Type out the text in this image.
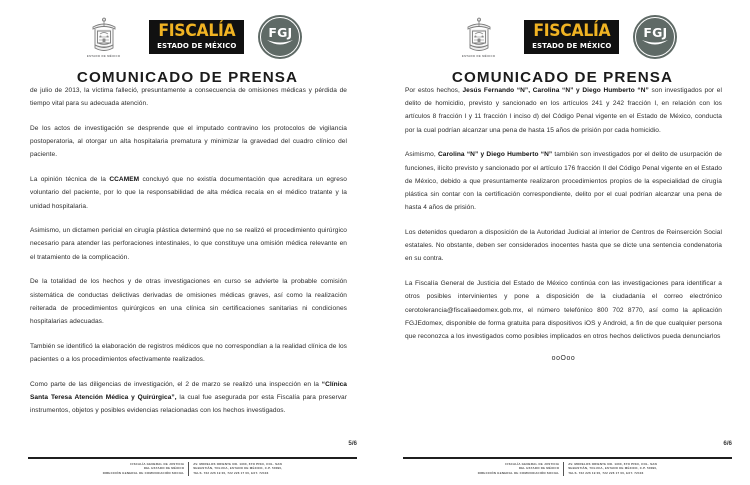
ESTADO DE MÉXICO
FISCALÍA
ESTADO DE MÉXICO
FGJ
COMUNICADO DE PRENSA
de julio de 2013, la víctima falleció, presuntamente a consecuencia de omisiones médicas y pérdida de tiempo vital para su adecuada atención.
De los actos de investigación se desprende que el imputado contravino los protocolos de vigilancia postoperatoria, al otorgar un alta hospitalaria prematura y minimizar la gravedad del cuadro clínico del paciente.
La opinión técnica de la CCAMEM concluyó que no existía documentación que acreditara un egreso voluntario del paciente, por lo que la responsabilidad de alta médica recaía en el médico tratante y la unidad hospitalaria.
Asimismo, un dictamen pericial en cirugía plástica determinó que no se realizó el procedimiento quirúrgico necesario para atender las perforaciones intestinales, lo que constituye una omisión médica relevante en el tratamiento de la complicación.
De la totalidad de los hechos y de otras investigaciones en curso se advierte la probable comisión sistemática de conductas delictivas derivadas de omisiones médicas graves, así como la realización reiterada de procedimientos quirúrgicos en una clínica sin certificaciones sanitarias ni condiciones hospitalarias adecuadas.
También se identificó la elaboración de registros médicos que no correspondían a la realidad clínica de los pacientes o a los procedimientos efectivamente realizados.
Como parte de las diligencias de investigación, el 2 de marzo se realizó una inspección en la “Clínica Santa Teresa Atención Médica y Quirúrgica”, la cual fue asegurada por esta Fiscalía para preservar instrumentos, objetos y posibles evidencias relacionadas con los hechos investigados.
5/6
FISCALÍA GENERAL DE JUSTICIA
DEL ESTADO DE MÉXICO
DIRECCIÓN GENERAL DE COMUNICACIÓN SOCIAL
AV. MORELOS ORIENTE NO. 1300, 6TO PISO, COL. SAN
SEBASTIÁN, TOLUCA, ESTADO DE MÉXICO, C.P. 50090,
TELS. 722 226 19 00, 722 226 17 00, EXT. 72103
ESTADO DE MÉXICO
FISCALÍA
ESTADO DE MÉXICO
FGJ
COMUNICADO DE PRENSA
Por estos hechos, Jesús Fernando “N”, Carolina “N” y Diego Humberto “N” son investigados por el delito de homicidio, previsto y sancionado en los artículos 241 y 242 fracción I, en relación con los artículos 8 fracción I y 11 fracción I inciso d) del Código Penal vigente en el Estado de México, conducta por la cual podrían alcanzar una pena de hasta 15 años de prisión por cada homicidio.
Asimismo, Carolina “N” y Diego Humberto “N” también son investigados por el delito de usurpación de funciones, ilícito previsto y sancionado por el artículo 176 fracción II del Código Penal vigente en el Estado de México, debido a que presuntamente realizaron procedimientos propios de la especialidad de cirugía plástica sin contar con la certificación correspondiente, delito por el cual podrían alcanzar una pena de hasta 4 años de prisión.
Los detenidos quedaron a disposición de la Autoridad Judicial al interior de Centros de Reinserción Social estatales. No obstante, deben ser considerados inocentes hasta que se dicte una sentencia condenatoria en su contra.
La Fiscalía General de Justicia del Estado de México continúa con las investigaciones para identificar a otros posibles intervinientes y pone a disposición de la ciudadanía el correo electrónico cerotolerancia@fiscaliaedomex.gob.mx, el número telefónico 800 702 8770, así como la aplicación FGJEdomex, disponible de forma gratuita para dispositivos iOS y Android, a fin de que cualquier persona que reconozca a los investigados como posibles implicados en otros hechos delictivos pueda denunciarlos
ooOoo
6/6
FISCALÍA GENERAL DE JUSTICIA
DEL ESTADO DE MÉXICO
DIRECCIÓN GENERAL DE COMUNICACIÓN SOCIAL
AV. MORELOS ORIENTE NO. 1300, 6TO PISO, COL. SAN
SEBASTIÁN, TOLUCA, ESTADO DE MÉXICO, C.P. 50090,
TELS. 722 226 19 00, 722 226 17 00, EXT. 72103
